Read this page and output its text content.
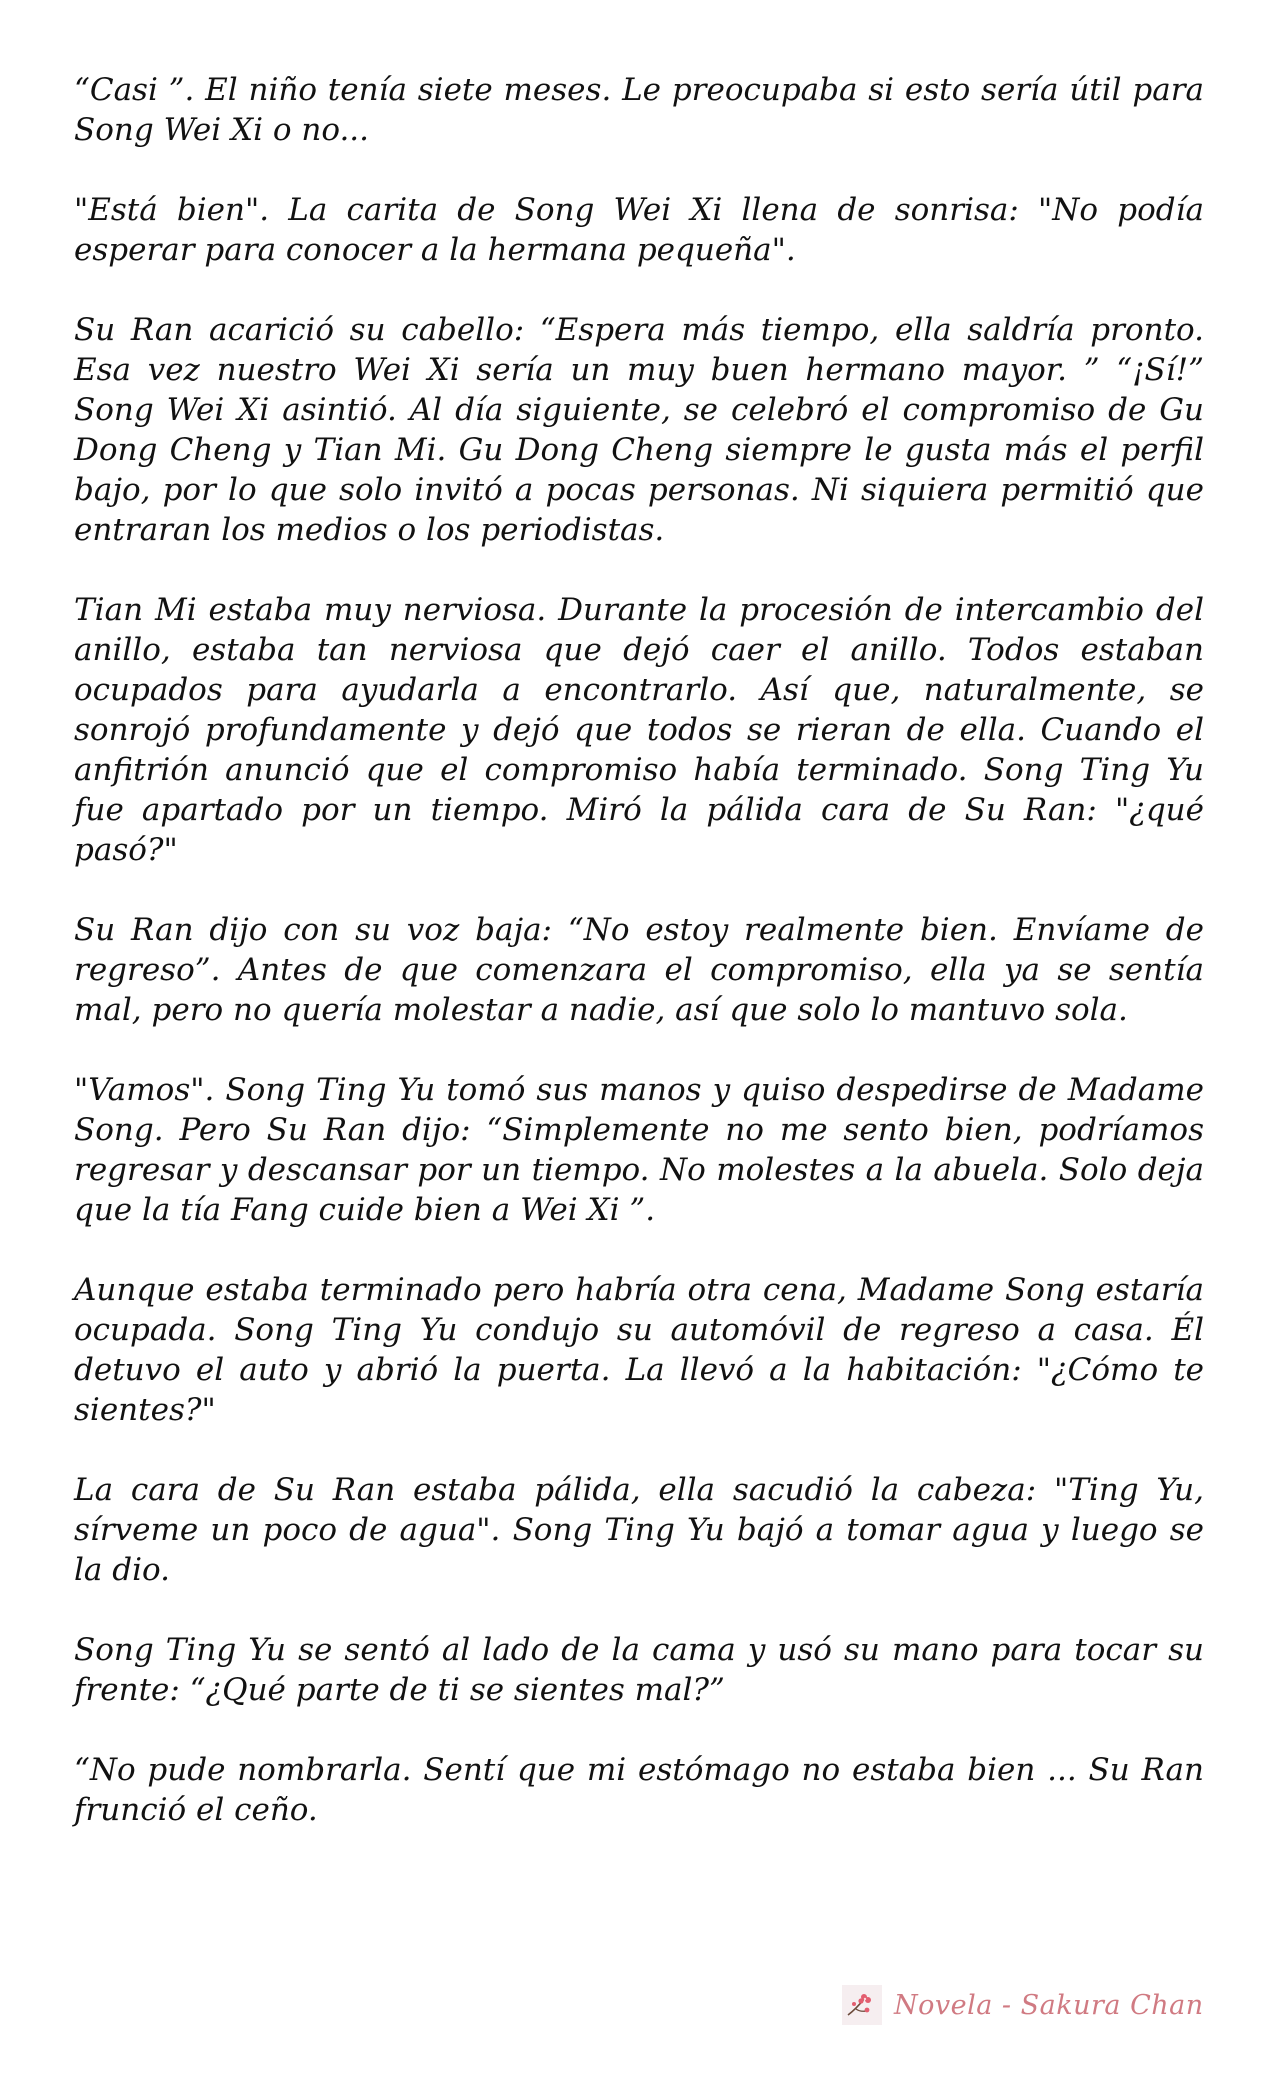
“Casi ”. El niño tenía siete meses. Le preocupaba si esto sería útil para Song Wei Xi o no...

"Está bien". La carita de Song Wei Xi llena de sonrisa: "No podía esperar para conocer a la hermana pequeña".

Su Ran acarició su cabello: “Espera más tiempo, ella saldría pronto. Esa vez nuestro Wei Xi sería un muy buen hermano mayor. ” “¡Sí!” Song Wei Xi asintió. Al día siguiente, se celebró el compromiso de Gu Dong Cheng y Tian Mi. Gu Dong Cheng siempre le gusta más el perfil bajo, por lo que solo invitó a pocas personas. Ni siquiera permitió que entraran los medios o los periodistas.

Tian Mi estaba muy nerviosa. Durante la procesión de intercambio del anillo, estaba tan nerviosa que dejó caer el anillo. Todos estaban ocupados para ayudarla a encontrarlo. Así que, naturalmente, se sonrojó profundamente y dejó que todos se rieran de ella. Cuando el anfitrión anunció que el compromiso había terminado. Song Ting Yu fue apartado por un tiempo. Miró la pálida cara de Su Ran: "¿qué pasó?"

Su Ran dijo con su voz baja: “No estoy realmente bien. Envíame de regreso”. Antes de que comenzara el compromiso, ella ya se sentía mal, pero no quería molestar a nadie, así que solo lo mantuvo sola.

"Vamos". Song Ting Yu tomó sus manos y quiso despedirse de Madame Song. Pero Su Ran dijo: “Simplemente no me sento bien, podríamos regresar y descansar por un tiempo. No molestes a la abuela. Solo deja que la tía Fang cuide bien a Wei Xi ”.

Aunque estaba terminado pero habría otra cena, Madame Song estaría ocupada. Song Ting Yu condujo su automóvil de regreso a casa. Él detuvo el auto y abrió la puerta. La llevó a la habitación: "¿Cómo te sientes?"

La cara de Su Ran estaba pálida, ella sacudió la cabeza: "Ting Yu, sírveme un poco de agua". Song Ting Yu bajó a tomar agua y luego se la dio.

Song Ting Yu se sentó al lado de la cama y usó su mano para tocar su frente: “¿Qué parte de ti se sientes mal?”

“No pude nombrarla. Sentí que mi estómago no estaba bien ... Su Ran frunció el ceño.

Novela - Sakura Chan
